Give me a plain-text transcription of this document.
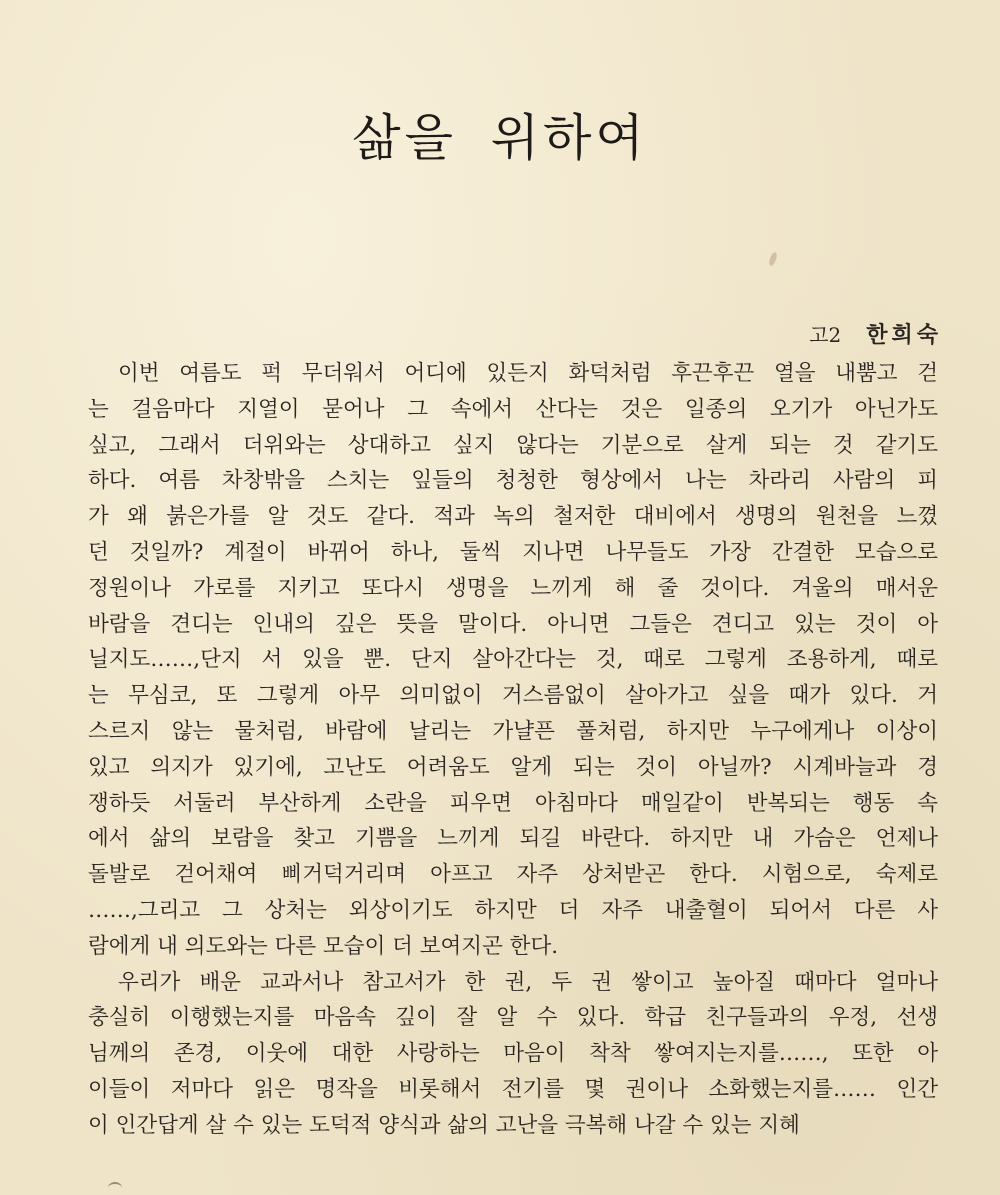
삶을 위하여
고2 한희숙
이번 여름도 퍽 무더워서 어디에 있든지 화덕처럼 후끈후끈 열을 내뿜고 걷
는 걸음마다 지열이 묻어나 그 속에서 산다는 것은 일종의 오기가 아닌가도
싶고, 그래서 더위와는 상대하고 싶지 않다는 기분으로 살게 되는 것 같기도
하다. 여름 차창밖을 스치는 잎들의 청청한 형상에서 나는 차라리 사람의 피
가 왜 붉은가를 알 것도 같다. 적과 녹의 철저한 대비에서 생명의 원천을 느꼈
던 것일까? 계절이 바뀌어 하나, 둘씩 지나면 나무들도 가장 간결한 모습으로
정원이나 가로를 지키고 또다시 생명을 느끼게 해 줄 것이다. 겨울의 매서운
바람을 견디는 인내의 깊은 뜻을 말이다. 아니면 그들은 견디고 있는 것이 아
닐지도……,단지 서 있을 뿐. 단지 살아간다는 것, 때로 그렇게 조용하게, 때로
는 무심코, 또 그렇게 아무 의미없이 거스름없이 살아가고 싶을 때가 있다. 거
스르지 않는 물처럼, 바람에 날리는 가냘픈 풀처럼, 하지만 누구에게나 이상이
있고 의지가 있기에, 고난도 어려움도 알게 되는 것이 아닐까? 시계바늘과 경
쟁하듯 서둘러 부산하게 소란을 피우면 아침마다 매일같이 반복되는 행동 속
에서 삶의 보람을 찾고 기쁨을 느끼게 되길 바란다. 하지만 내 가슴은 언제나
돌발로 걷어채여 삐거덕거리며 아프고 자주 상처받곤 한다. 시험으로, 숙제로
……,그리고 그 상처는 외상이기도 하지만 더 자주 내출혈이 되어서 다른 사
람에게 내 의도와는 다른 모습이 더 보여지곤 한다.
우리가 배운 교과서나 참고서가 한 권, 두 권 쌓이고 높아질 때마다 얼마나
충실히 이행했는지를 마음속 깊이 잘 알 수 있다. 학급 친구들과의 우정, 선생
님께의 존경, 이웃에 대한 사랑하는 마음이 착착 쌓여지는지를……, 또한 아
이들이 저마다 읽은 명작을 비롯해서 전기를 몇 권이나 소화했는지를…… 인간
이 인간답게 살 수 있는 도덕적 양식과 삶의 고난을 극복해 나갈 수 있는 지혜
